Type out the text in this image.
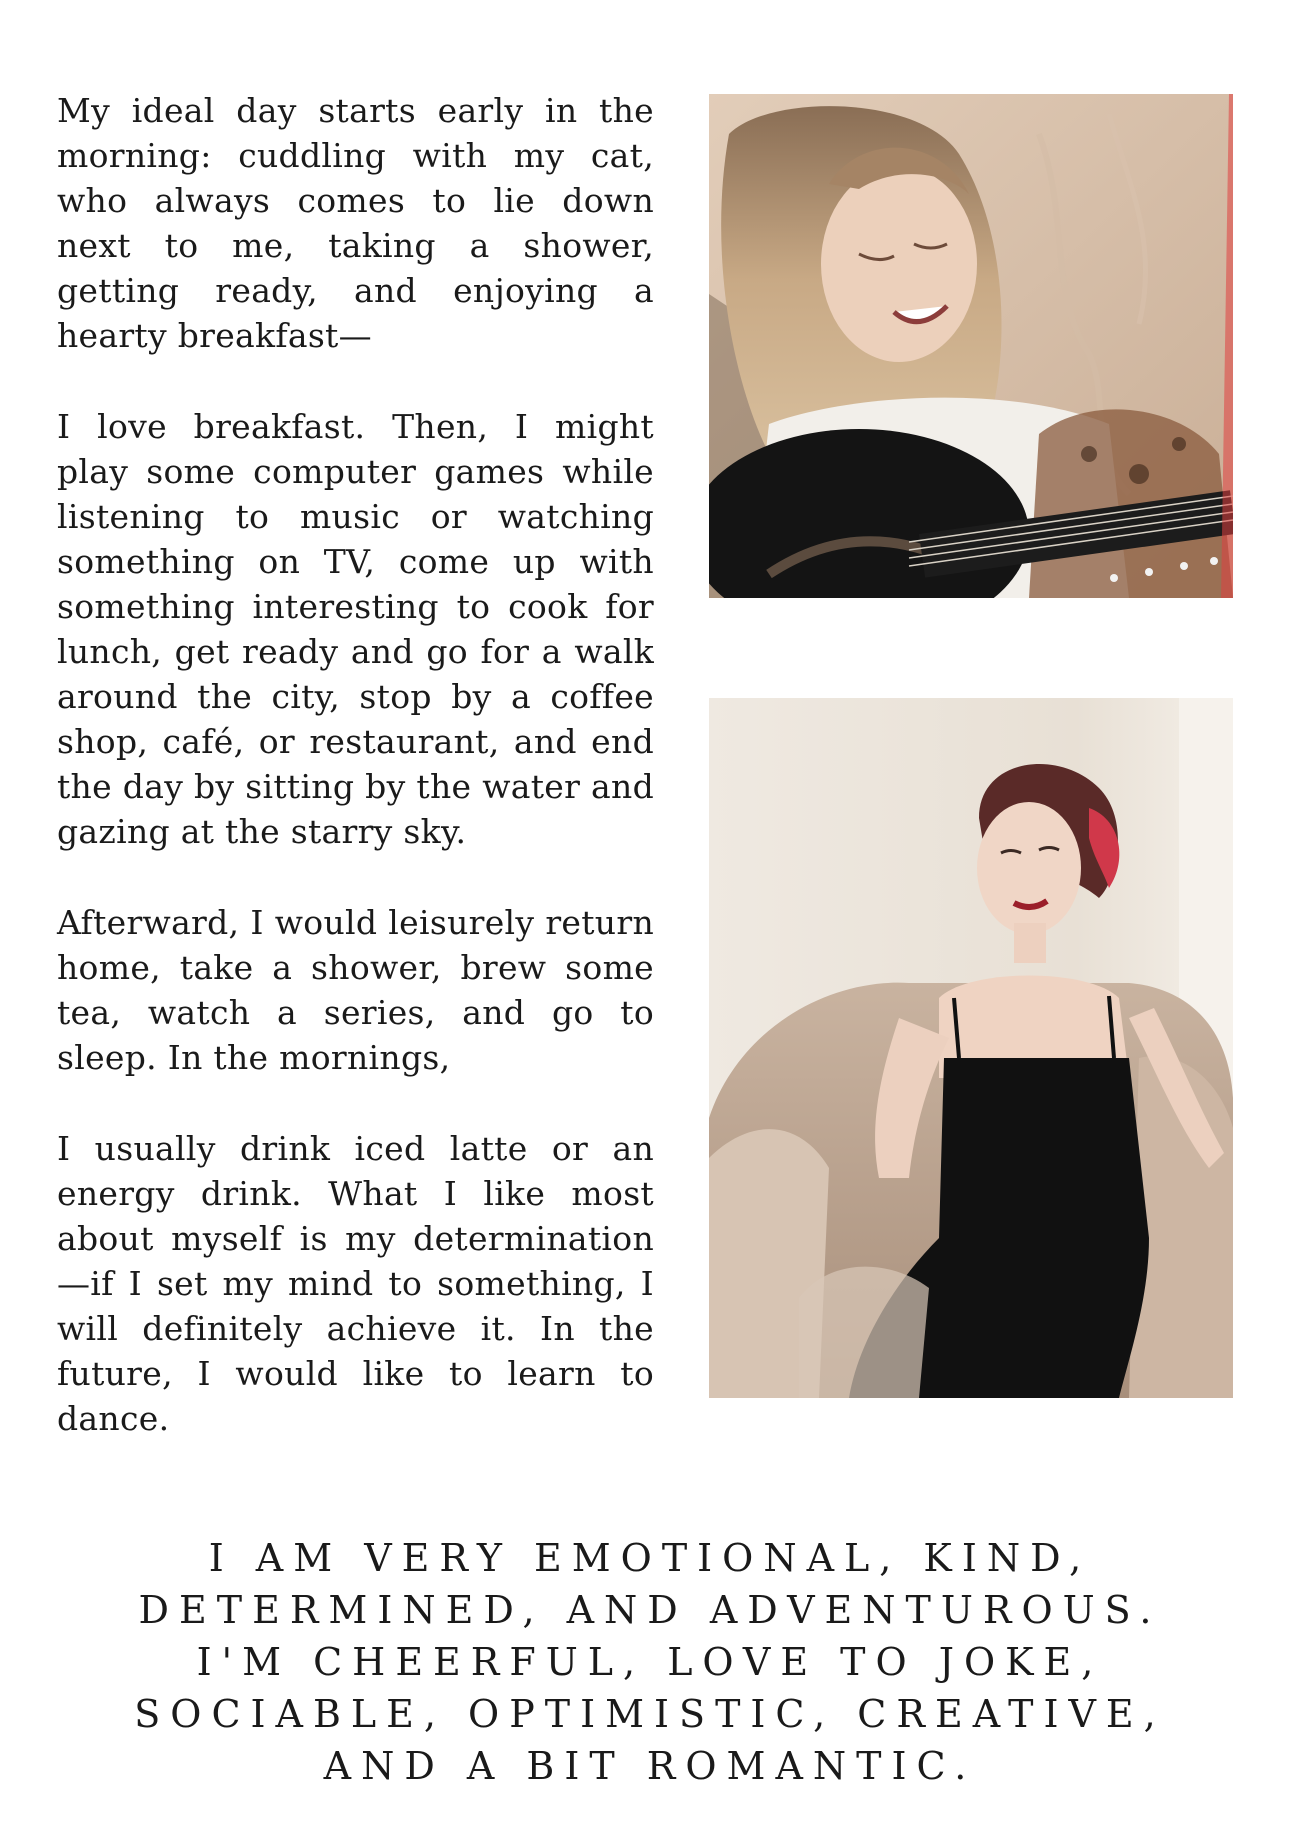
My ideal day starts early in the morning: cuddling with my cat, who always comes to lie down next to me, taking a shower, getting ready, and enjoying a hearty breakfast—

I love breakfast. Then, I might play some computer games while listening to music or watching something on TV, come up with something interesting to cook for lunch, get ready and go for a walk around the city, stop by a coffee shop, café, or restaurant, and end the day by sitting by the water and gazing at the starry sky.

Afterward, I would leisurely return home, take a shower, brew some tea, watch a series, and go to sleep. In the mornings,

I usually drink iced latte or an energy drink. What I like most about myself is my determination—if I set my mind to something, I will definitely achieve it. In the future, I would like to learn to dance.

I AM VERY EMOTIONAL, KIND, DETERMINED, AND ADVENTUROUS. I'M CHEERFUL, LOVE TO JOKE, SOCIABLE, OPTIMISTIC, CREATIVE, AND A BIT ROMANTIC.
